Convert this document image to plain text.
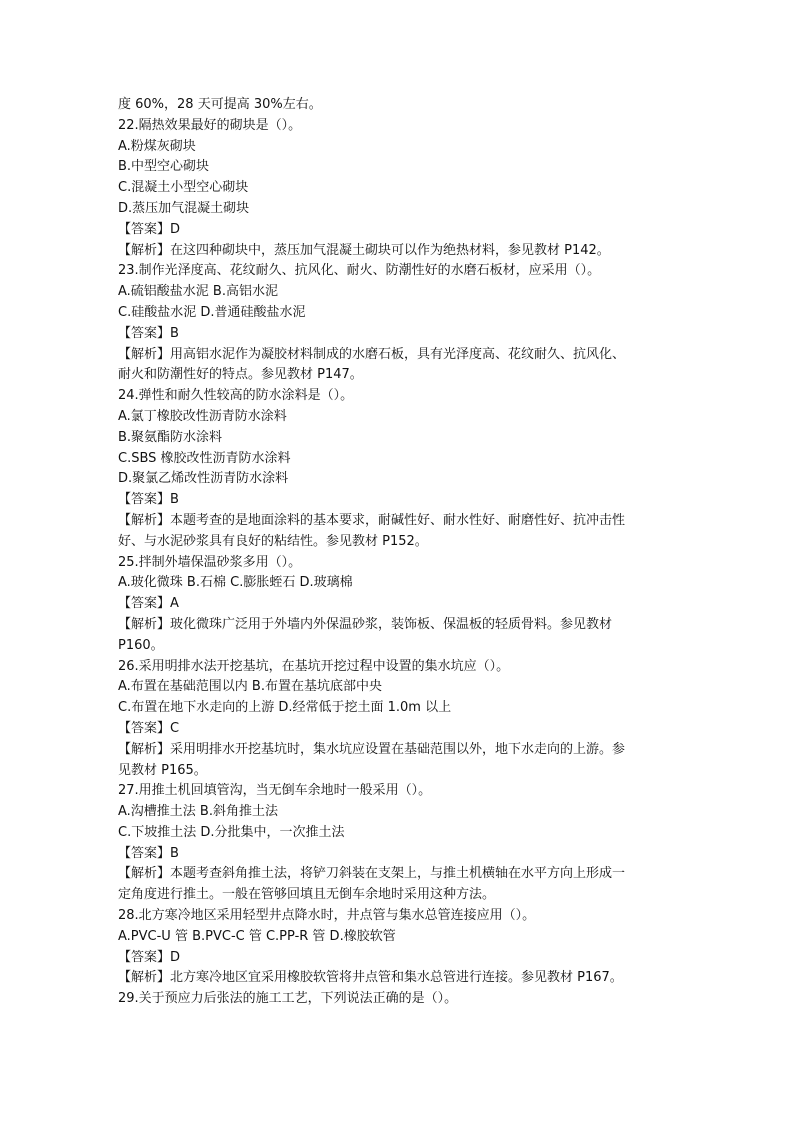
度 60%，28 天可提高 30%左右。
22.隔热效果最好的砌块是（）。
A.粉煤灰砌块
B.中型空心砌块
C.混凝土小型空心砌块
D.蒸压加气混凝土砌块
【答案】D
【解析】在这四种砌块中，蒸压加气混凝土砌块可以作为绝热材料，参见教材 P142。
23.制作光泽度高、花纹耐久、抗风化、耐火、防潮性好的水磨石板材，应采用（）。
A.硫铝酸盐水泥 B.高铝水泥
C.硅酸盐水泥 D.普通硅酸盐水泥
【答案】B
【解析】用高铝水泥作为凝胶材料制成的水磨石板，具有光泽度高、花纹耐久、抗风化、
耐火和防潮性好的特点。参见教材 P147。
24.弹性和耐久性较高的防水涂料是（）。
A.氯丁橡胶改性沥青防水涂料
B.聚氨酯防水涂料
C.SBS 橡胶改性沥青防水涂料
D.聚氯乙烯改性沥青防水涂料
【答案】B
【解析】本题考查的是地面涂料的基本要求，耐碱性好、耐水性好、耐磨性好、抗冲击性
好、与水泥砂浆具有良好的粘结性。参见教材 P152。
25.拌制外墙保温砂浆多用（）。
A.玻化微珠 B.石棉 C.膨胀蛭石 D.玻璃棉
【答案】A
【解析】玻化微珠广泛用于外墙内外保温砂浆，装饰板、保温板的轻质骨料。参见教材
P160。
26.采用明排水法开挖基坑，在基坑开挖过程中设置的集水坑应（）。
A.布置在基础范围以内 B.布置在基坑底部中央
C.布置在地下水走向的上游 D.经常低于挖土面 1.0m 以上
【答案】C
【解析】采用明排水开挖基坑时，集水坑应设置在基础范围以外，地下水走向的上游。参
见教材 P165。
27.用推土机回填管沟，当无倒车余地时一般采用（）。
A.沟槽推土法 B.斜角推土法
C.下坡推土法 D.分批集中，一次推土法
【答案】B
【解析】本题考查斜角推土法，将铲刀斜装在支架上，与推土机横轴在水平方向上形成一
定角度进行推土。一般在管够回填且无倒车余地时采用这种方法。
28.北方寒冷地区采用轻型井点降水时，井点管与集水总管连接应用（）。
A.PVC-U 管 B.PVC-C 管 C.PP-R 管 D.橡胶软管
【答案】D
【解析】北方寒冷地区宜采用橡胶软管将井点管和集水总管进行连接。参见教材 P167。
29.关于预应力后张法的施工工艺，下列说法正确的是（）。
